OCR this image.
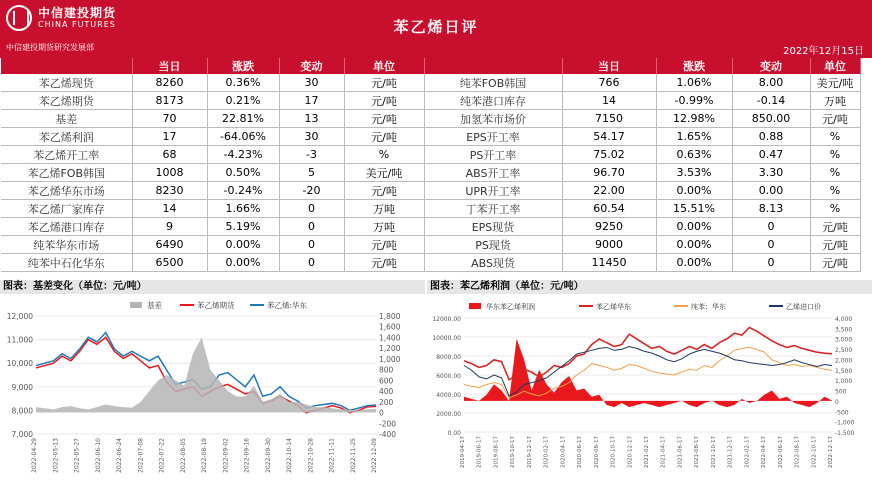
中信建投期货
CHINA FUTURES
中信建投期货研究发展部
苯乙烯日评
2022年12月15日
	当日	涨跌	变动	单位		当日	涨跌	变动	单位
苯乙烯现货	8260	0.36%	30	元/吨	纯苯FOB韩国	766	1.06%	8.00	美元/吨
苯乙烯期货	8173	0.21%	17	元/吨	纯苯港口库存	14	-0.99%	-0.14	万吨
基差	70	22.81%	13	元/吨	加氢苯市场价	7150	12.98%	850.00	元/吨
苯乙烯利润	17	-64.06%	30	元/吨	EPS开工率	54.17	1.65%	0.88	%
苯乙烯开工率	68	-4.23%	-3	%	PS开工率	75.02	0.63%	0.47	%
苯乙烯FOB韩国	1008	0.50%	5	美元/吨	ABS开工率	96.70	3.53%	3.30	%
苯乙烯华东市场	8230	-0.24%	-20	元/吨	UPR开工率	22.00	0.00%	0.00	%
苯乙烯厂家库存	14	1.66%	0	万吨	丁苯开工率	60.54	15.51%	8.13	%
苯乙烯港口库存	9	5.19%	0	万吨	EPS现货	9250	0.00%	0	元/吨
纯苯华东市场	6490	0.00%	0	元/吨	PS现货	9000	0.00%	0	元/吨
纯苯中石化华东	6500	0.00%	0	元/吨	ABS现货	11450	0.00%	0	元/吨
图表：基差变化（单位：元/吨）	图表：苯乙烯利润（单位：元/吨）
7,000
8,000
9,000
10,000
11,000
12,000
-400
-200
0
200
400
600
800
1,000
1,200
1,400
1,600
1,800
2022-04-29 2022-05-13 2022-05-27 2022-06-10 2022-06-24 2022-07-08 2022-07-22 2022-08-05 2022-08-19 2022-09-02 2022-09-16 2022-09-30 2022-10-14 2022-10-28 2022-11-11 2022-11-25 2022-12-09
基差	苯乙烯期货	苯乙烯:华东
0.00
2000.00
4000.00
6000.00
8000.00
10000.00
12000.00
-1,500
-1,000
-500
0
500
1,000
1,500
2,000
2,500
3,000
3,500
4,000
2019-04-17 2019-06-17 2019-08-17 2019-10-17 2019-12-17 2020-02-17 2020-04-17 2020-06-17 2020-08-17 2020-10-17 2020-12-17 2021-02-17 2021-04-17 2021-06-17 2021-08-17 2021-10-17 2021-12-17 2022-02-17 2022-04-17 2022-06-17 2022-08-17 2022-10-17 2022-12-17
华东苯乙烯利润	苯乙烯华东	纯苯：华东	乙烯进口价
